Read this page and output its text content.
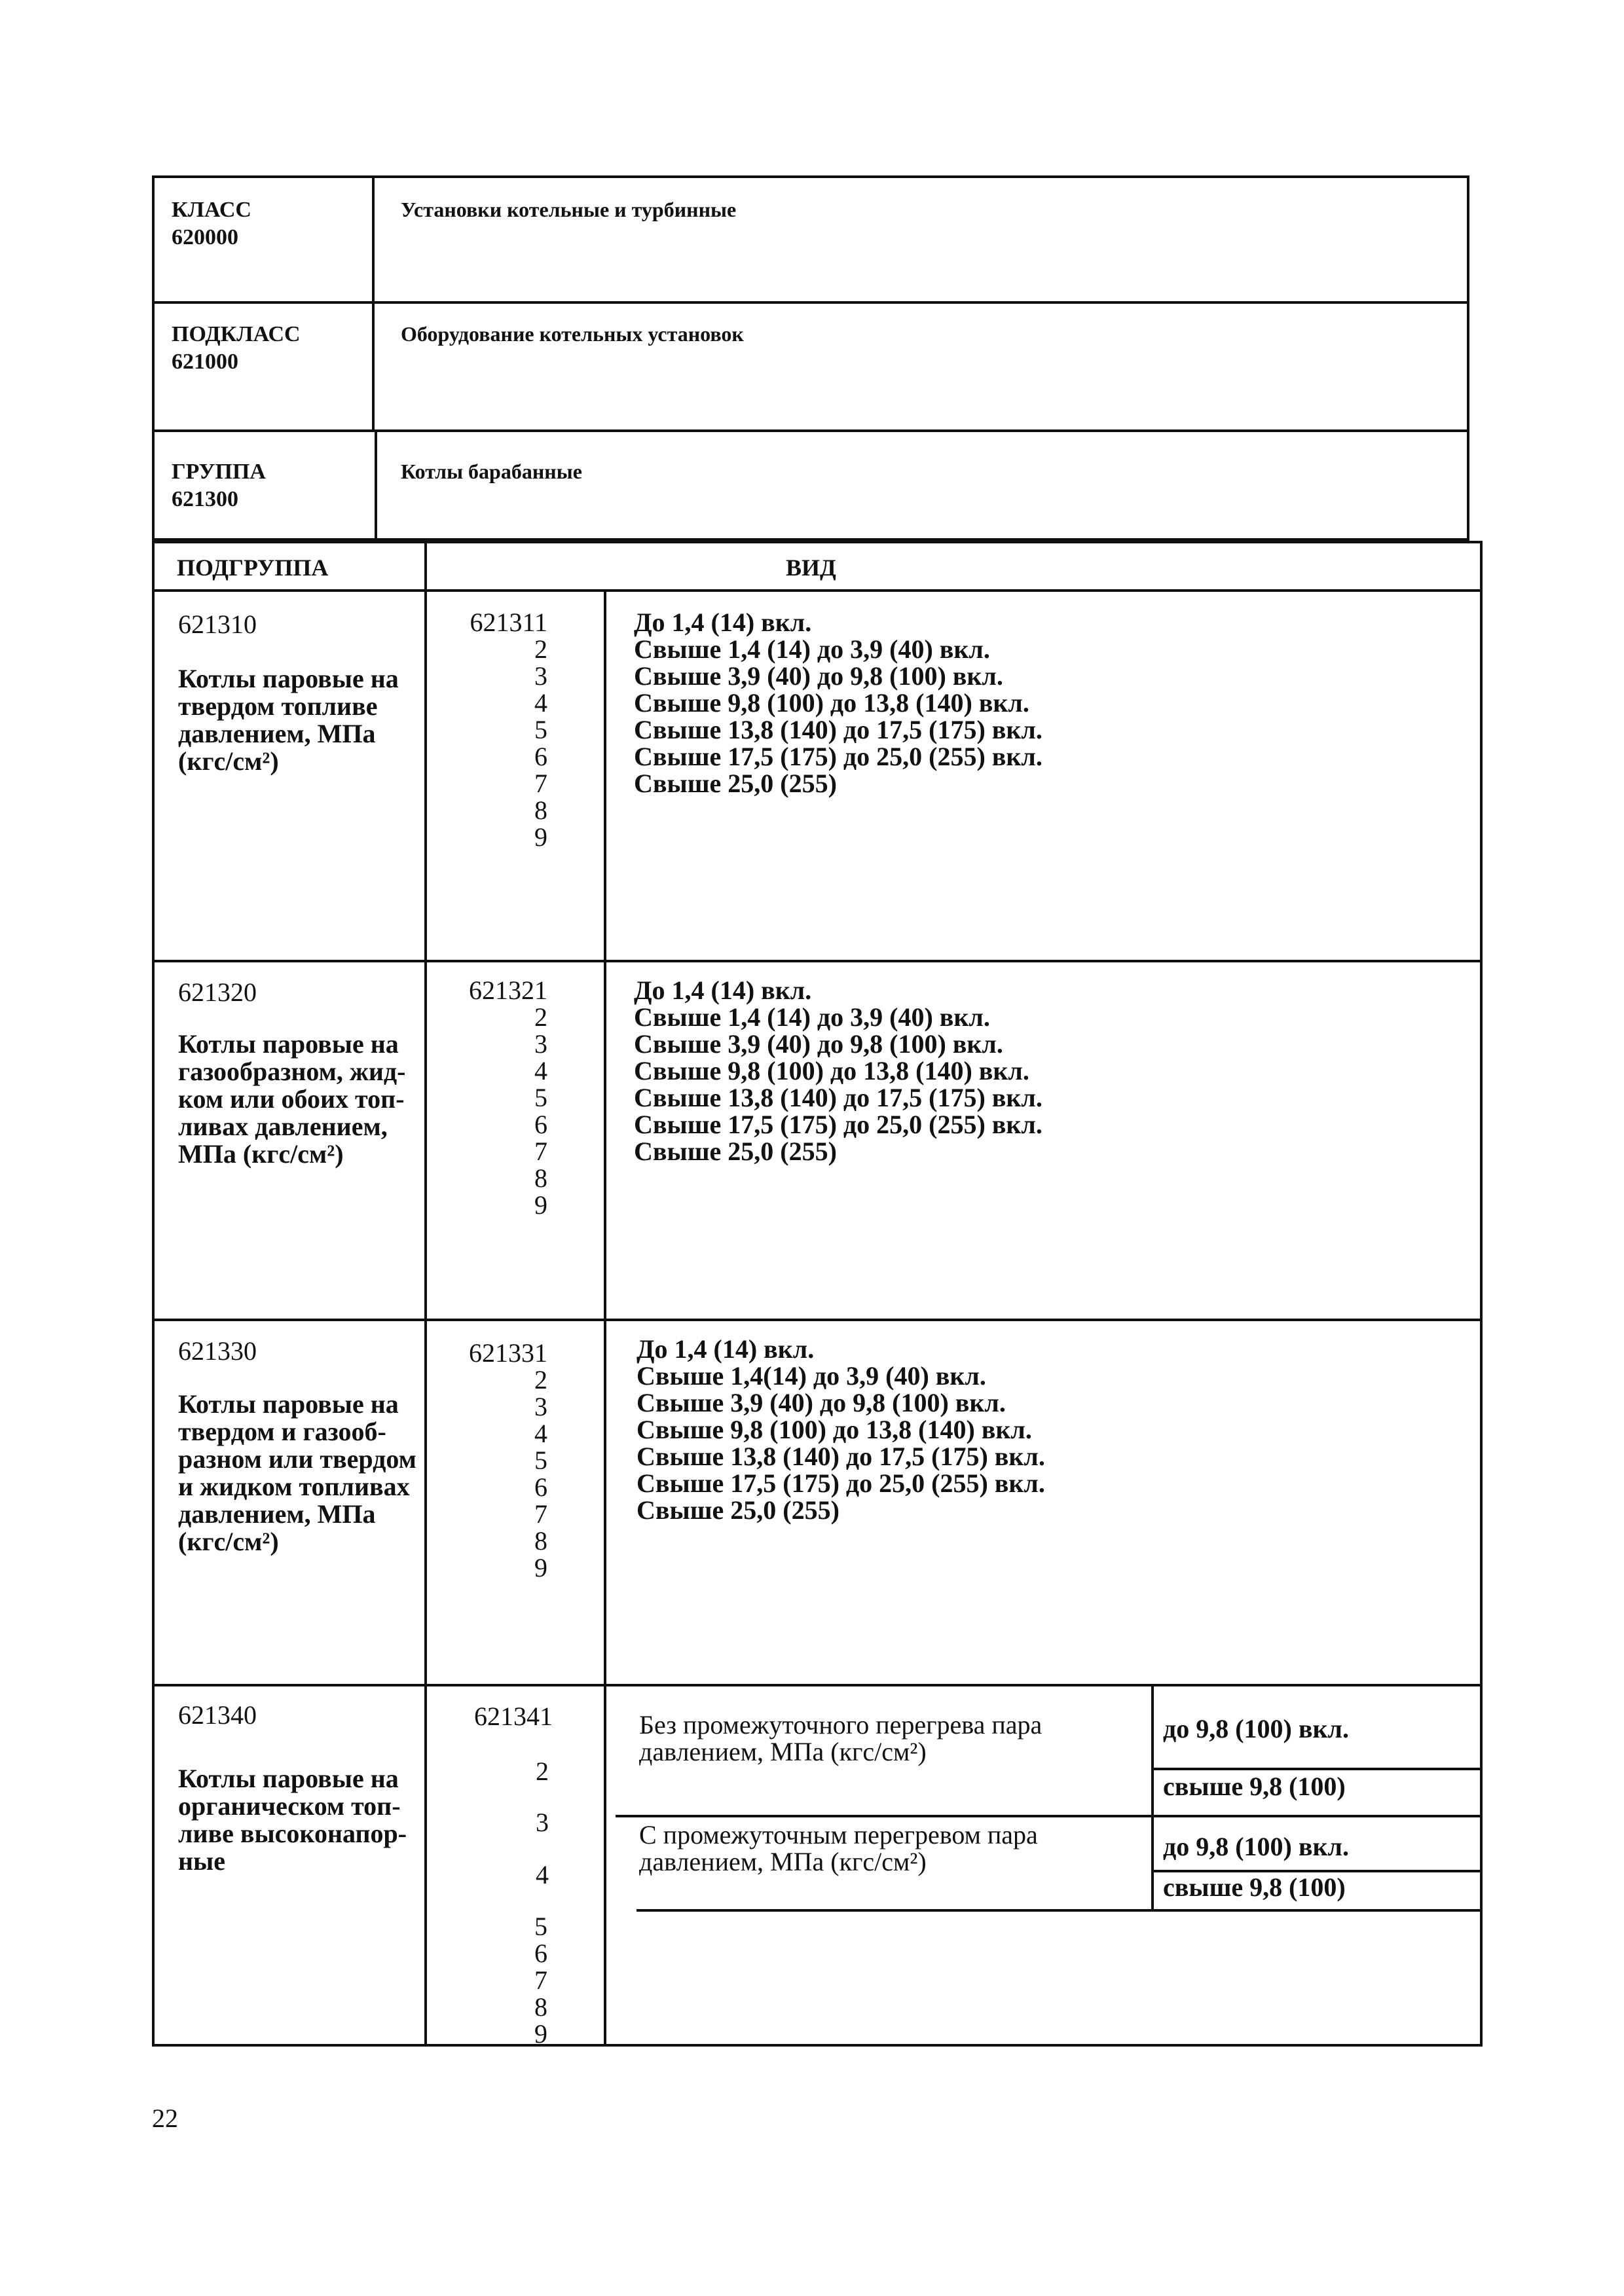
КЛАСС
620000
Установки котельные и турбинные
ПОДКЛАСС
621000
Оборудование котельных установок
ГРУППА
621300
Котлы барабанные
ПОДГРУППА	ВИД
621310
Котлы паровые на
твердом топливе
давлением, МПа
(кгс/см²)
621311
2
3
4
5
6
7
8
9
До 1,4 (14) вкл.
Свыше 1,4 (14) до 3,9 (40) вкл.
Свыше 3,9 (40) до 9,8 (100) вкл.
Свыше 9,8 (100) до 13,8 (140) вкл.
Свыше 13,8 (140) до 17,5 (175) вкл.
Свыше 17,5 (175) до 25,0 (255) вкл.
Свыше 25,0 (255)
621320
Котлы паровые на
газообразном, жид-
ком или обоих топ-
ливах давлением,
МПа (кгс/см²)
621321
2
3
4
5
6
7
8
9
До 1,4 (14) вкл.
Свыше 1,4 (14) до 3,9 (40) вкл.
Свыше 3,9 (40) до 9,8 (100) вкл.
Свыше 9,8 (100) до 13,8 (140) вкл.
Свыше 13,8 (140) до 17,5 (175) вкл.
Свыше 17,5 (175) до 25,0 (255) вкл.
Свыше 25,0 (255)
621330
Котлы паровые на
твердом и газооб-
разном или твердом
и жидком топливах
давлением, МПа
(кгс/см²)
621331
2
3
4
5
6
7
8
9
До 1,4 (14) вкл.
Свыше 1,4(14) до 3,9 (40) вкл.
Свыше 3,9 (40) до 9,8 (100) вкл.
Свыше 9,8 (100) до 13,8 (140) вкл.
Свыше 13,8 (140) до 17,5 (175) вкл.
Свыше 17,5 (175) до 25,0 (255) вкл.
Свыше 25,0 (255)
621340
Котлы паровые на
органическом топ-
ливе высоконапор-
ные
621341
2
3
4
5
6
7
8
9
Без промежуточного перегрева пара
давлением, МПа (кгс/см²)
до 9,8 (100) вкл.
свыше 9,8 (100)
С промежуточным перегревом пара
давлением, МПа (кгс/см²)
до 9,8 (100) вкл.
свыше 9,8 (100)
22
